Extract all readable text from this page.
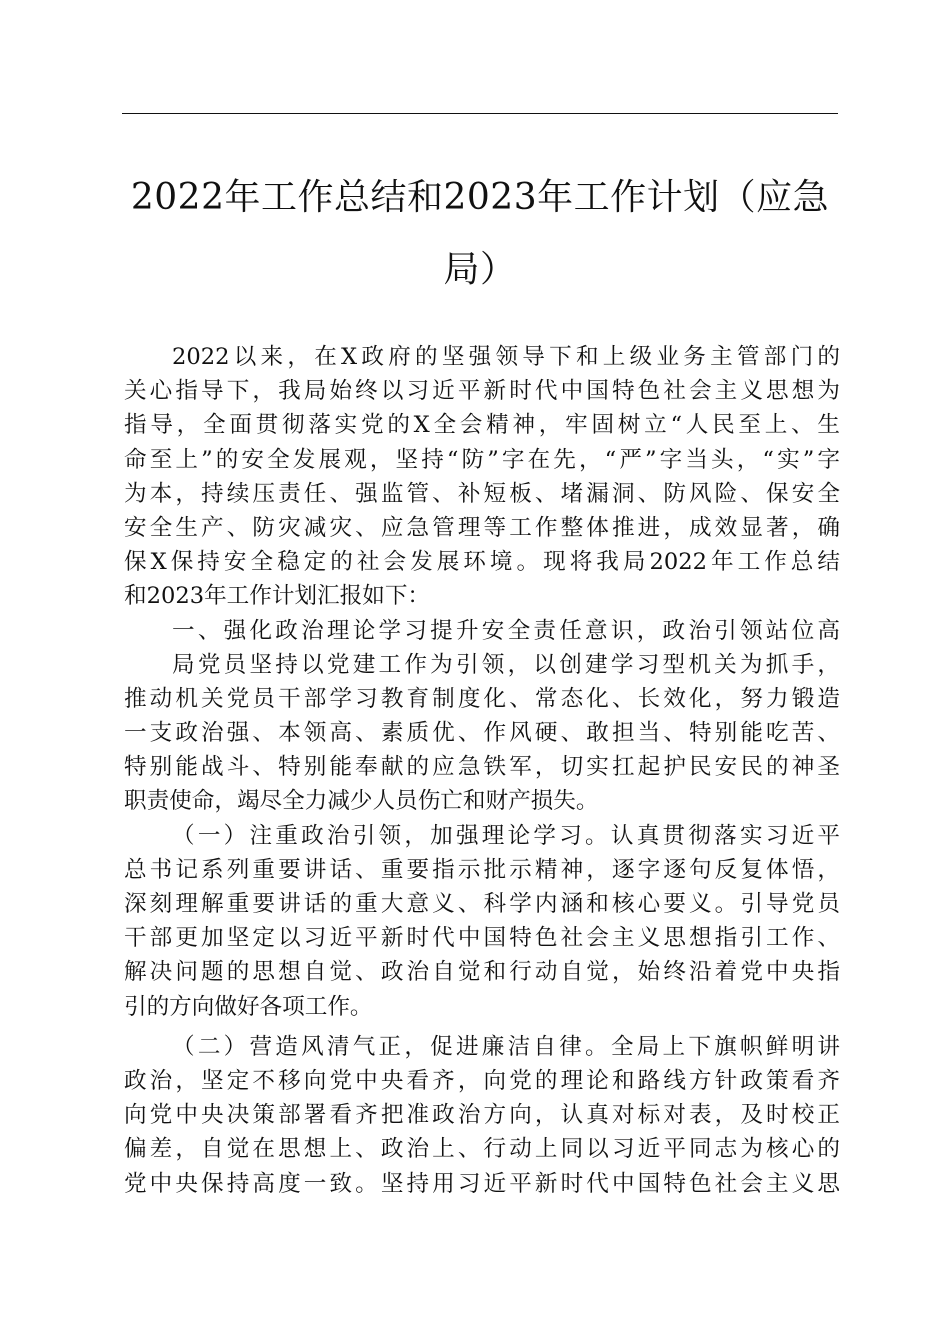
2022年工作总结和2023年工作计划（应急
局）
2022以来，在X政府的坚强领导下和上级业务主管部门的
关心指导下，我局始终以习近平新时代中国特色社会主义思想为
指导，全面贯彻落实党的X全会精神，牢固树立“人民至上、生
命至上”的安全发展观，坚持“防”字在先，“严”字当头，“实”字
为本，持续压责任、强监管、补短板、堵漏洞、防风险、保安全
安全生产、防灾减灾、应急管理等工作整体推进，成效显著，确
保X保持安全稳定的社会发展环境。现将我局2022年工作总结
和2023年工作计划汇报如下：
一、强化政治理论学习提升安全责任意识，政治引领站位高
局党员坚持以党建工作为引领，以创建学习型机关为抓手，
推动机关党员干部学习教育制度化、常态化、长效化，努力锻造
一支政治强、本领高、素质优、作风硬、敢担当、特别能吃苦、
特别能战斗、特别能奉献的应急铁军，切实扛起护民安民的神圣
职责使命，竭尽全力减少人员伤亡和财产损失。
（一）注重政治引领，加强理论学习。认真贯彻落实习近平
总书记系列重要讲话、重要指示批示精神，逐字逐句反复体悟，
深刻理解重要讲话的重大意义、科学内涵和核心要义。引导党员
干部更加坚定以习近平新时代中国特色社会主义思想指引工作、
解决问题的思想自觉、政治自觉和行动自觉，始终沿着党中央指
引的方向做好各项工作。
（二）营造风清气正，促进廉洁自律。全局上下旗帜鲜明讲
政治，坚定不移向党中央看齐，向党的理论和路线方针政策看齐
向党中央决策部署看齐把准政治方向，认真对标对表，及时校正
偏差，自觉在思想上、政治上、行动上同以习近平同志为核心的
党中央保持高度一致。坚持用习近平新时代中国特色社会主义思
